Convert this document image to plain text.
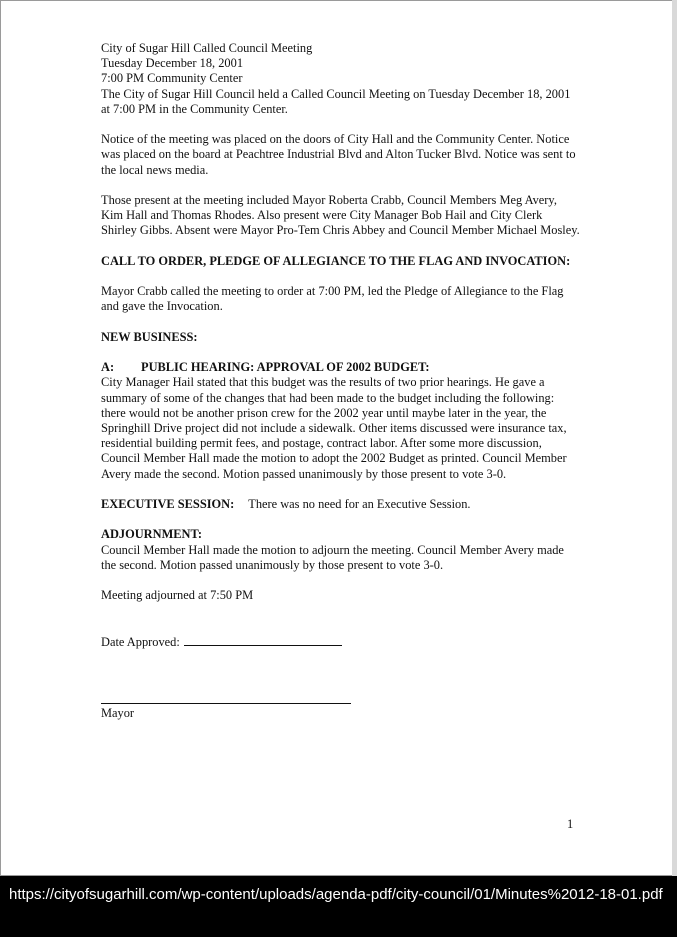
City of Sugar Hill Called Council Meeting

Tuesday December 18, 2001

7:00 PM Community Center

The City of Sugar Hill Council held a Called Council Meeting on Tuesday December 18, 2001 at 7:00 PM in the Community Center.

Notice of the meeting was placed on the doors of City Hall and the Community Center. Notice was placed on the board at Peachtree Industrial Blvd and Alton Tucker Blvd. Notice was sent to the local news media.

Those present at the meeting included Mayor Roberta Crabb, Council Members Meg Avery, Kim Hall and Thomas Rhodes. Also present were City Manager Bob Hail and City Clerk Shirley Gibbs. Absent were Mayor Pro-Tem Chris Abbey and Council Member Michael Mosley.

CALL TO ORDER, PLEDGE OF ALLEGIANCE TO THE FLAG AND INVOCATION:

Mayor Crabb called the meeting to order at 7:00 PM, led the Pledge of Allegiance to the Flag and gave the Invocation.

NEW BUSINESS:

A:	PUBLIC HEARING: APPROVAL OF 2002 BUDGET:

City Manager Hail stated that this budget was the results of two prior hearings. He gave a summary of some of the changes that had been made to the budget including the following: there would not be another prison crew for the 2002 year until maybe later in the year, the Springhill Drive project did not include a sidewalk. Other items discussed were insurance tax, residential building permit fees, and postage, contract labor. After some more discussion, Council Member Hall made the motion to adopt the 2002 Budget as printed. Council Member Avery made the second. Motion passed unanimously by those present to vote 3-0.

EXECUTIVE SESSION: There was no need for an Executive Session.

ADJOURNMENT:

Council Member Hall made the motion to adjourn the meeting. Council Member Avery made the second. Motion passed unanimously by those present to vote 3-0.

Meeting adjourned at 7:50 PM

Date Approved:

Mayor

1
https://cityofsugarhill.com/wp-content/uploads/agenda-pdf/city-council/01/Minutes%2012-18-01.pdf
